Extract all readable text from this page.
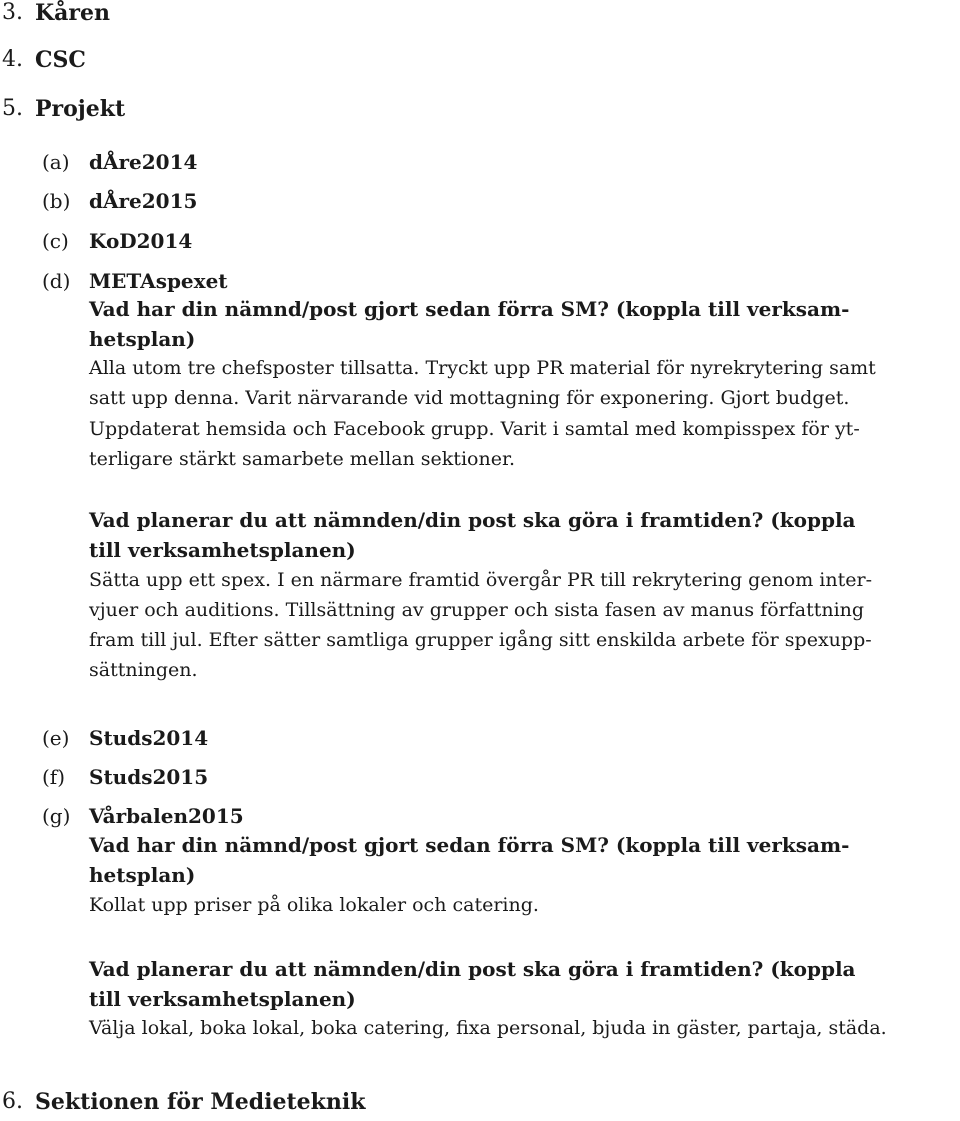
3. Kåren
4. CSC
5. Projekt
(a) dÅre2014
(b) dÅre2015
(c) KoD2014
(d) METAspexet
Vad har din nämnd/post gjort sedan förra SM? (koppla till verksam-
hetsplan)
Alla utom tre chefsposter tillsatta. Tryckt upp PR material för nyrekrytering samt
satt upp denna. Varit närvarande vid mottagning för exponering. Gjort budget.
Uppdaterat hemsida och Facebook grupp. Varit i samtal med kompisspex för yt-
terligare stärkt samarbete mellan sektioner.
Vad planerar du att nämnden/din post ska göra i framtiden? (koppla
till verksamhetsplanen)
Sätta upp ett spex. I en närmare framtid övergår PR till rekrytering genom inter-
vjuer och auditions. Tillsättning av grupper och sista fasen av manus författning
fram till jul. Efter sätter samtliga grupper igång sitt enskilda arbete för spexupp-
sättningen.
(e) Studs2014
(f) Studs2015
(g) Vårbalen2015
Vad har din nämnd/post gjort sedan förra SM? (koppla till verksam-
hetsplan)
Kollat upp priser på olika lokaler och catering.
Vad planerar du att nämnden/din post ska göra i framtiden? (koppla
till verksamhetsplanen)
Välja lokal, boka lokal, boka catering, fixa personal, bjuda in gäster, partaja, städa.
6. Sektionen för Medieteknik
